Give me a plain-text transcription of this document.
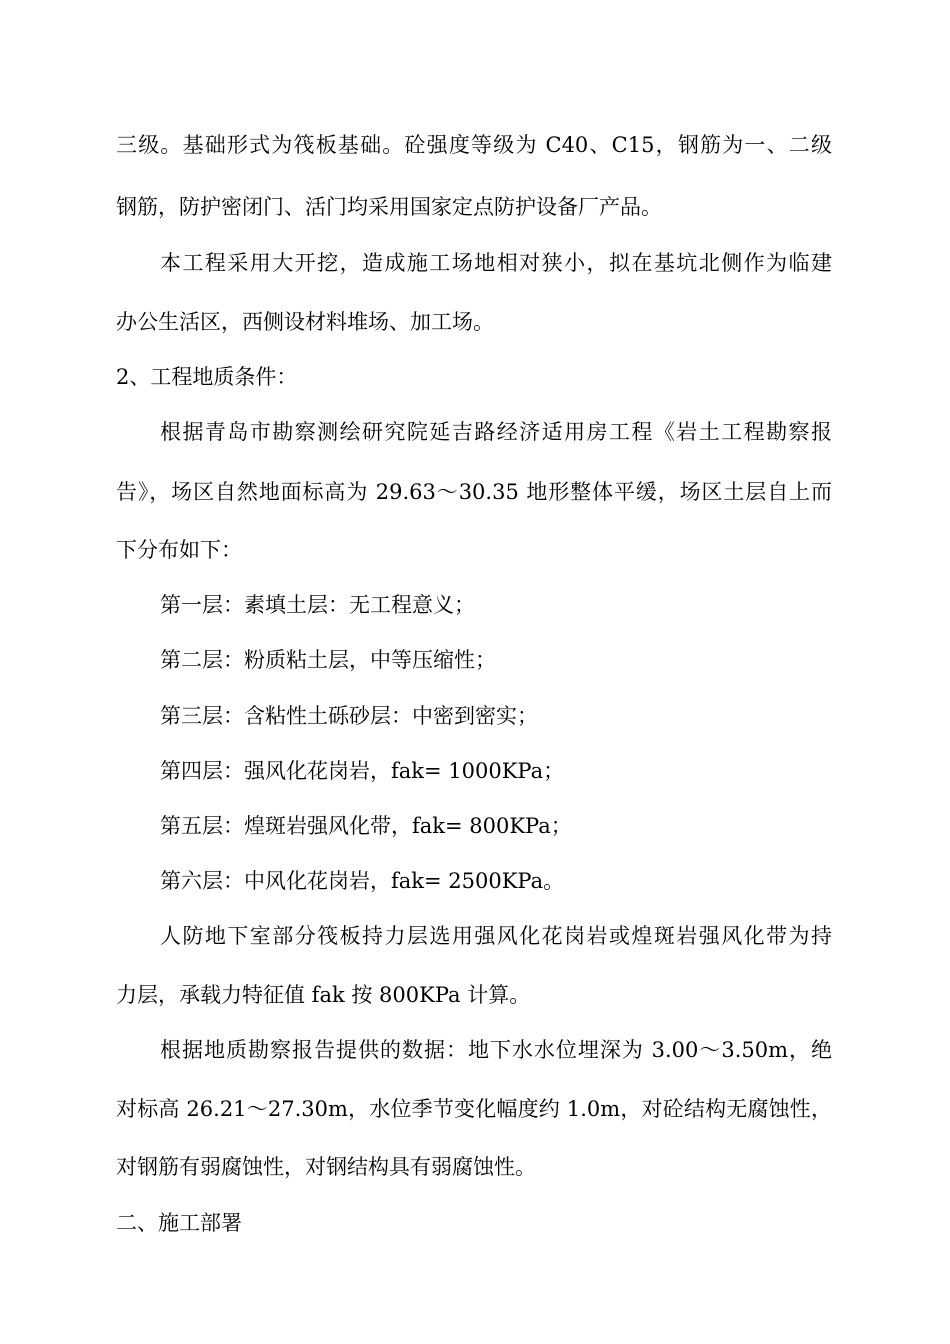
三级。基础形式为筏板基础。砼强度等级为 C40、C15，钢筋为一、二级
钢筋，防护密闭门、活门均采用国家定点防护设备厂产品。
本工程采用大开挖，造成施工场地相对狭小，拟在基坑北侧作为临建
办公生活区，西侧设材料堆场、加工场。
2、工程地质条件：
根据青岛市勘察测绘研究院延吉路经济适用房工程《岩土工程勘察报
告》，场区自然地面标高为 29.63～30.35 地形整体平缓，场区土层自上而
下分布如下：
第一层：素填土层：无工程意义；
第二层：粉质粘土层，中等压缩性；
第三层：含粘性土砾砂层：中密到密实；
第四层：强风化花岗岩，fak= 1000KPa；
第五层：煌斑岩强风化带，fak= 800KPa；
第六层：中风化花岗岩，fak= 2500KPa。
人防地下室部分筏板持力层选用强风化花岗岩或煌斑岩强风化带为持
力层，承载力特征值 fak 按 800KPa 计算。
根据地质勘察报告提供的数据：地下水水位埋深为 3.00～3.50m，绝
对标高 26.21～27.30m，水位季节变化幅度约 1.0m，对砼结构无腐蚀性，
对钢筋有弱腐蚀性，对钢结构具有弱腐蚀性。
二、施工部署
